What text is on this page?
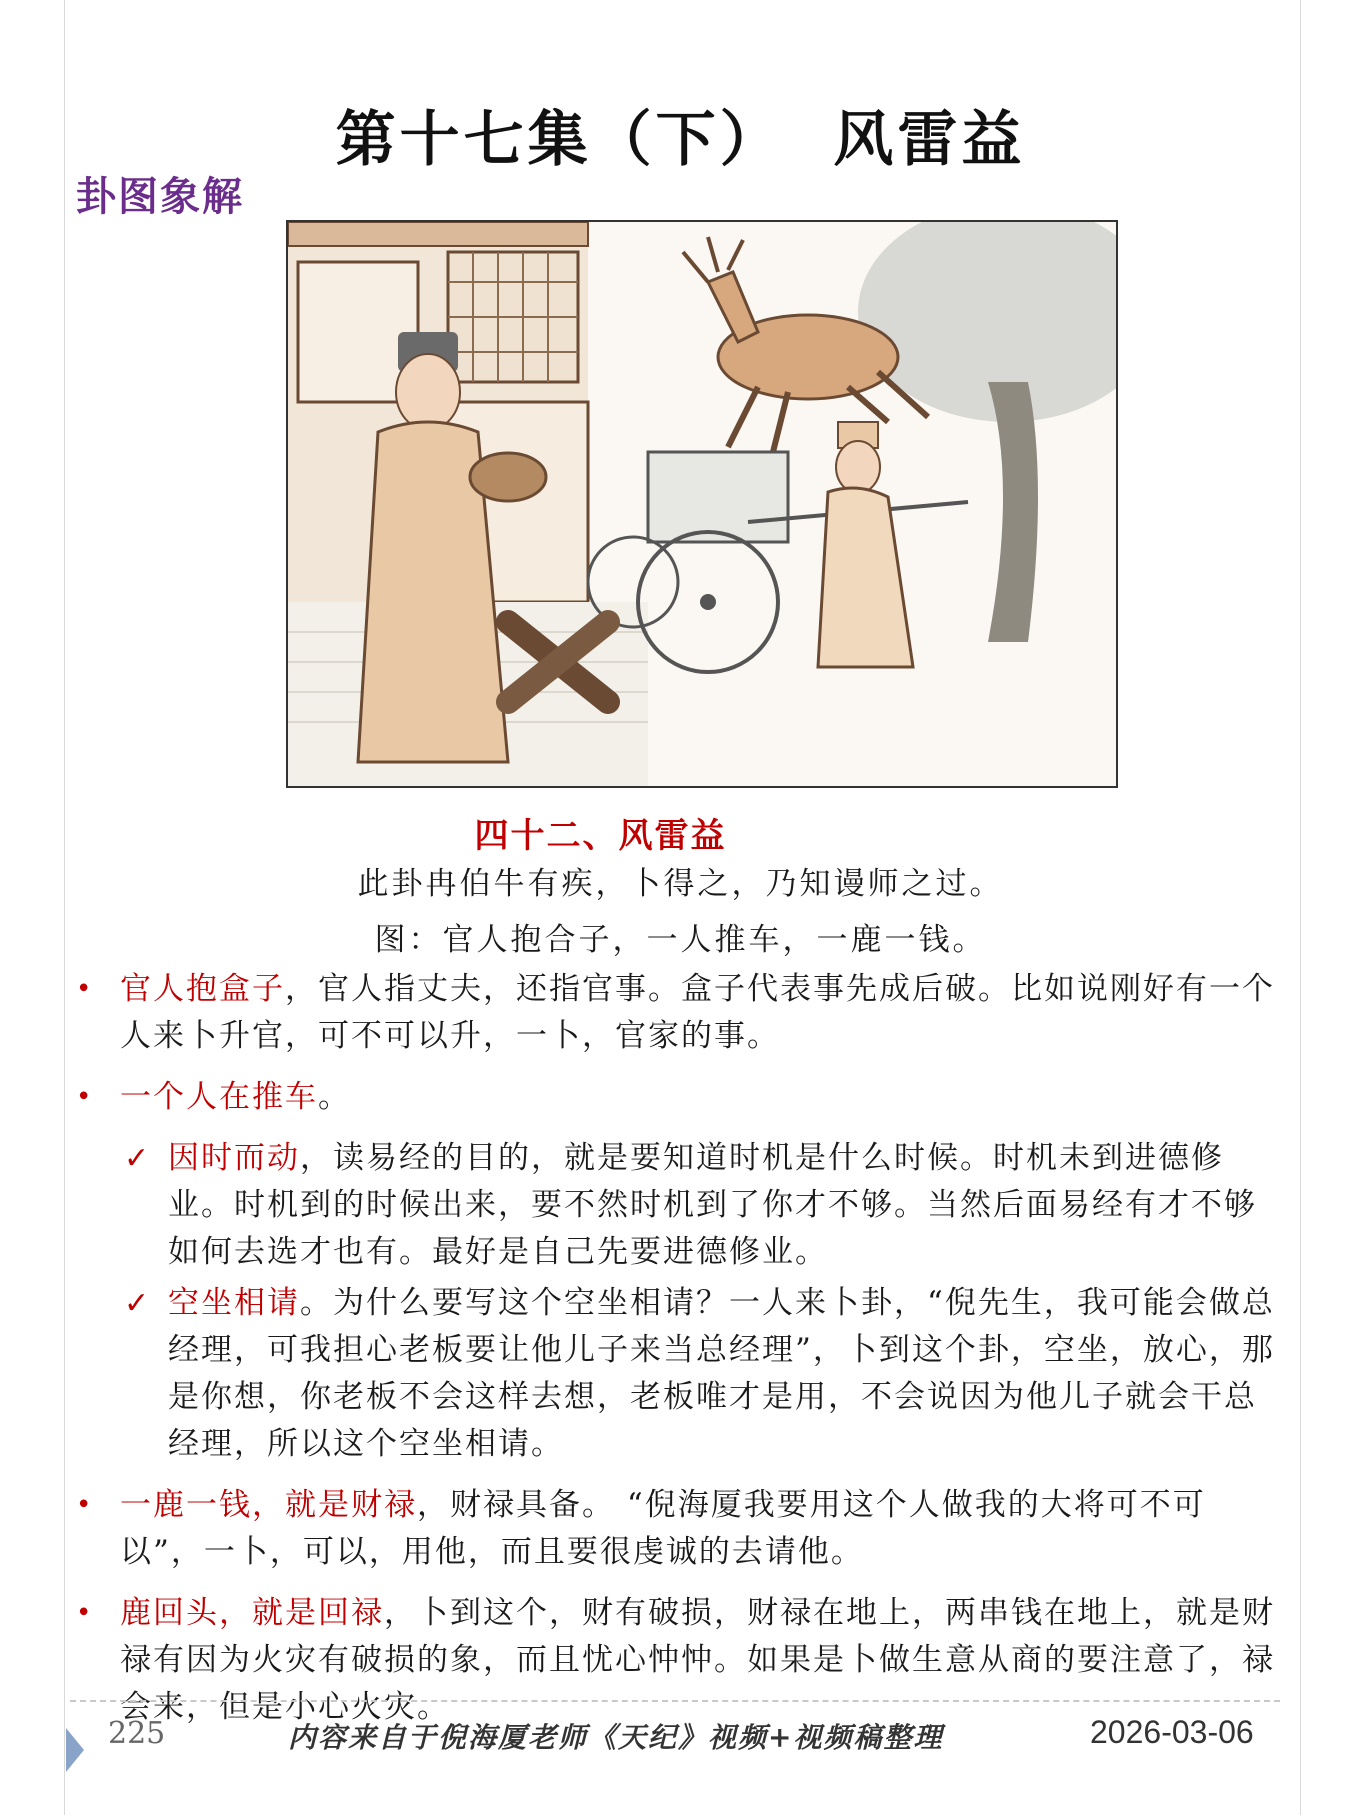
第十七集（下）  风雷益
卦图象解
四十二、风雷益
此卦冉伯牛有疾，卜得之，乃知谩师之过。
图：官人抱合子，一人推车，一鹿一钱。
• 官人抱盒子，官人指丈夫，还指官事。盒子代表事先成后破。比如说刚好有一个人来卜升官，可不可以升，一卜，官家的事。
• 一个人在推车。
✓ 因时而动，读易经的目的，就是要知道时机是什么时候。时机未到进德修业。时机到的时候出来，要不然时机到了你才不够。当然后面易经有才不够如何去选才也有。最好是自己先要进德修业。
✓ 空坐相请。为什么要写这个空坐相请？一人来卜卦，“倪先生，我可能会做总经理，可我担心老板要让他儿子来当总经理”，卜到这个卦，空坐，放心，那是你想，你老板不会这样去想，老板唯才是用，不会说因为他儿子就会干总经理，所以这个空坐相请。
• 一鹿一钱，就是财禄，财禄具备。 “倪海厦我要用这个人做我的大将可不可以”，一卜，可以，用他，而且要很虔诚的去请他。
• 鹿回头，就是回禄，卜到这个，财有破损，财禄在地上，两串钱在地上，就是财禄有因为火灾有破损的象，而且忧心忡忡。如果是卜做生意从商的要注意了，禄会来，但是小心火灾。
225	内容来自于倪海厦老师《天纪》视频+视频稿整理	2026-03-06
